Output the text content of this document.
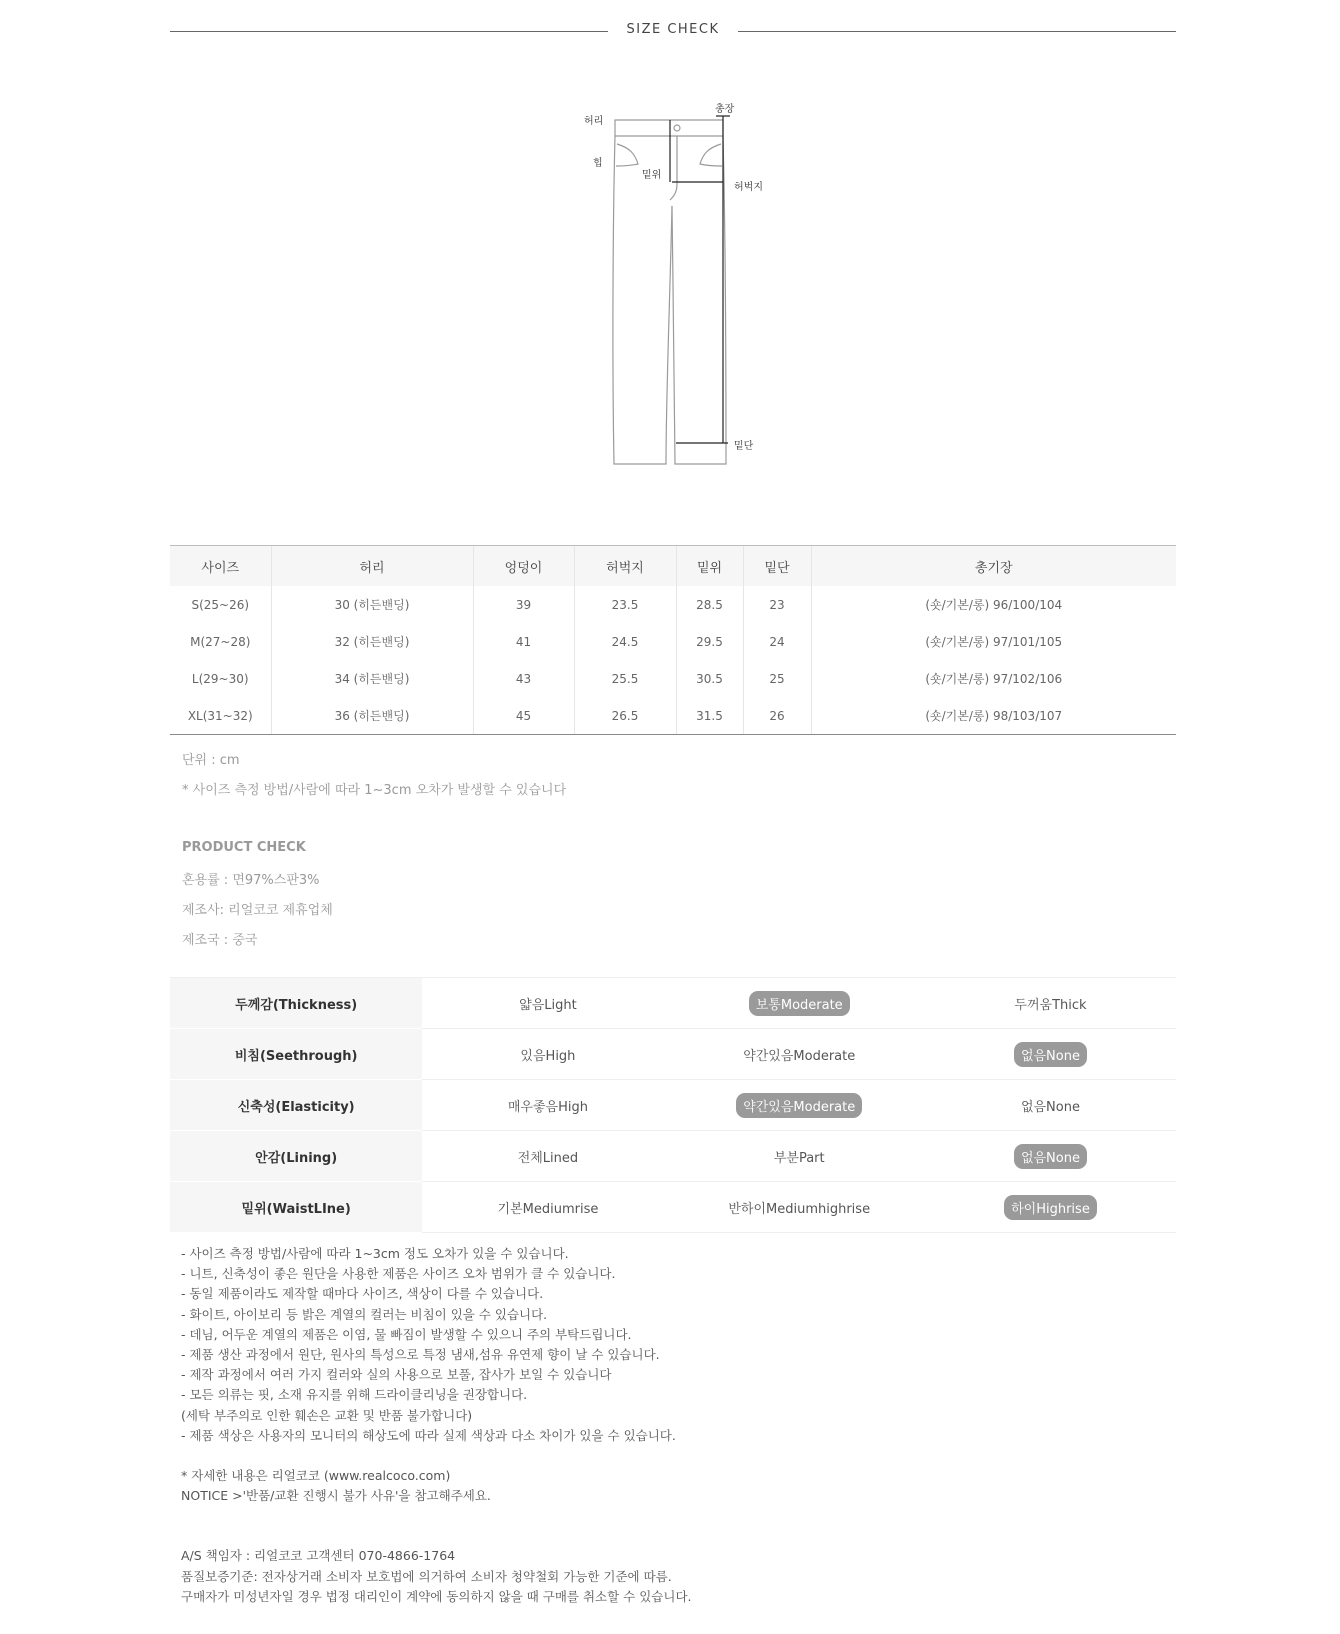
SIZE CHECK
허리
총장
힙
밑위
허벅지
밑단
사이즈	허리	엉덩이	허벅지	밑위	밑단	총기장
S(25~26)	30 (히든밴딩)	39	23.5	28.5	23	(숏/기본/롱) 96/100/104
M(27~28)	32 (히든밴딩)	41	24.5	29.5	24	(숏/기본/롱) 97/101/105
L(29~30)	34 (히든밴딩)	43	25.5	30.5	25	(숏/기본/롱) 97/102/106
XL(31~32)	36 (히든밴딩)	45	26.5	31.5	26	(숏/기본/롱) 98/103/107
단위 : cm
* 사이즈 측정 방법/사람에 따라 1~3cm 오차가 발생할 수 있습니다
PRODUCT CHECK
혼용률 : 면97%스판3%
제조사: 리얼코코 제휴업체
제조국 : 중국
두께감(Thickness)	얇음Light	보통Moderate	두꺼움Thick
비침(Seethrough)	있음High	약간있음Moderate	없음None
신축성(Elasticity)	매우좋음High	약간있음Moderate	없음None
안감(Lining)	전체Lined	부분Part	없음None
밑위(WaistLIne)	기본Mediumrise	반하이Mediumhighrise	하이Highrise
- 사이즈 측정 방법/사람에 따라 1~3cm 정도 오차가 있을 수 있습니다.
- 니트, 신축성이 좋은 원단을 사용한 제품은 사이즈 오차 범위가 클 수 있습니다.
- 동일 제품이라도 제작할 때마다 사이즈, 색상이 다를 수 있습니다.
- 화이트, 아이보리 등 밝은 계열의 컬러는 비침이 있을 수 있습니다.
- 데님, 어두운 계열의 제품은 이염, 물 빠짐이 발생할 수 있으니 주의 부탁드립니다.
- 제품 생산 과정에서 원단, 원사의 특성으로 특정 냄새,섬유 유연제 향이 날 수 있습니다.
- 제작 과정에서 여러 가지 컬러와 실의 사용으로 보풀, 잡사가 보일 수 있습니다
- 모든 의류는 핏, 소재 유지를 위해 드라이클리닝을 권장합니다.
(세탁 부주의로 인한 훼손은 교환 및 반품 불가합니다)
- 제품 색상은 사용자의 모니터의 해상도에 따라 실제 색상과 다소 차이가 있을 수 있습니다.
* 자세한 내용은 리얼코코 (www.realcoco.com)
NOTICE >'반품/교환 진행시 불가 사유'을 참고해주세요.
A/S 책임자 : 리얼코코 고객센터 070-4866-1764
품질보증기준: 전자상거래 소비자 보호법에 의거하여 소비자 청약철회 가능한 기준에 따름.
구매자가 미성년자일 경우 법정 대리인이 계약에 동의하지 않을 때 구매를 취소할 수 있습니다.
